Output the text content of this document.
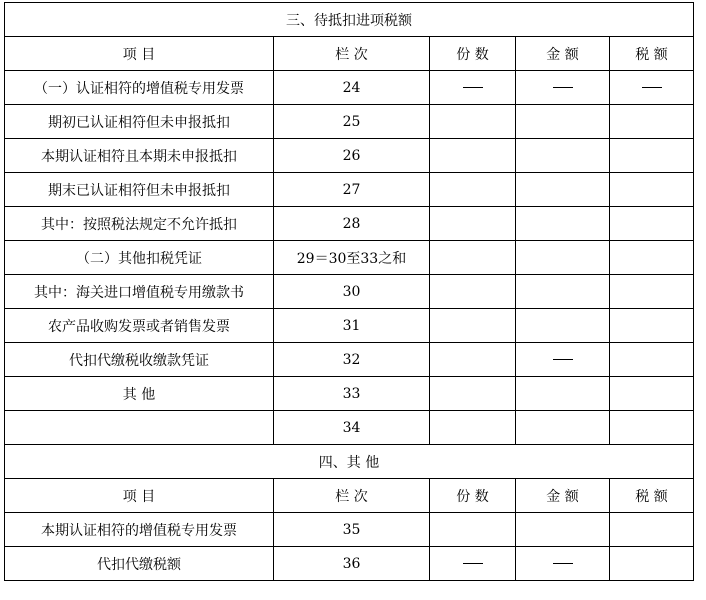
三、待抵扣进项税额				
项 目	栏 次	份 数	金 额	税 额
（一）认证相符的增值税专用发票	24			
期初已认证相符但未申报抵扣	25			
本期认证相符且本期未申报抵扣	26			
期末已认证相符但未申报抵扣	27			
其中：按照税法规定不允许抵扣	28			
（二）其他扣税凭证	29＝30至33之和			
其中：海关进口增值税专用缴款书	30			
农产品收购发票或者销售发票	31			
代扣代缴税收缴款凭证	32			
其 他	33			
	34			
四、其 他				
项 目	栏 次	份 数	金 额	税 额
本期认证相符的增值税专用发票	35			
代扣代缴税额	36			
